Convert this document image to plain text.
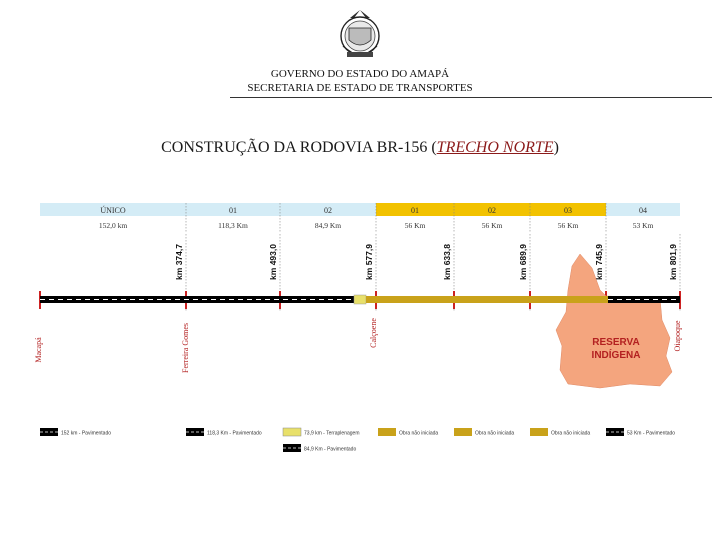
GOVERNO DO ESTADO DO AMAPÁ
SECRETARIA DE ESTADO DE TRANSPORTES
CONSTRUÇÃO DA RODOVIA BR-156 (TRECHO NORTE)
ÚNICO
152,0 km
01
118,3 Km
02
84,9 Km
01
56 Km
02
56 Km
03
56 Km
04
53 Km
km 374,7	km 493,0	km 577,9	km 633,8	km 689,9	km 745,9	km 801,9
RESERVA
INDÍGENA
Macapá	Ferreira Gomes	Calçoene	Oiapoque
152 km - Pavimentado	118,3 Km - Pavimentado	73,9 km - Terraplenagem
84,9 Km - Pavimentado
Obra não iniciada	Obra não iniciada	Obra não iniciada	53 Km - Pavimentado
